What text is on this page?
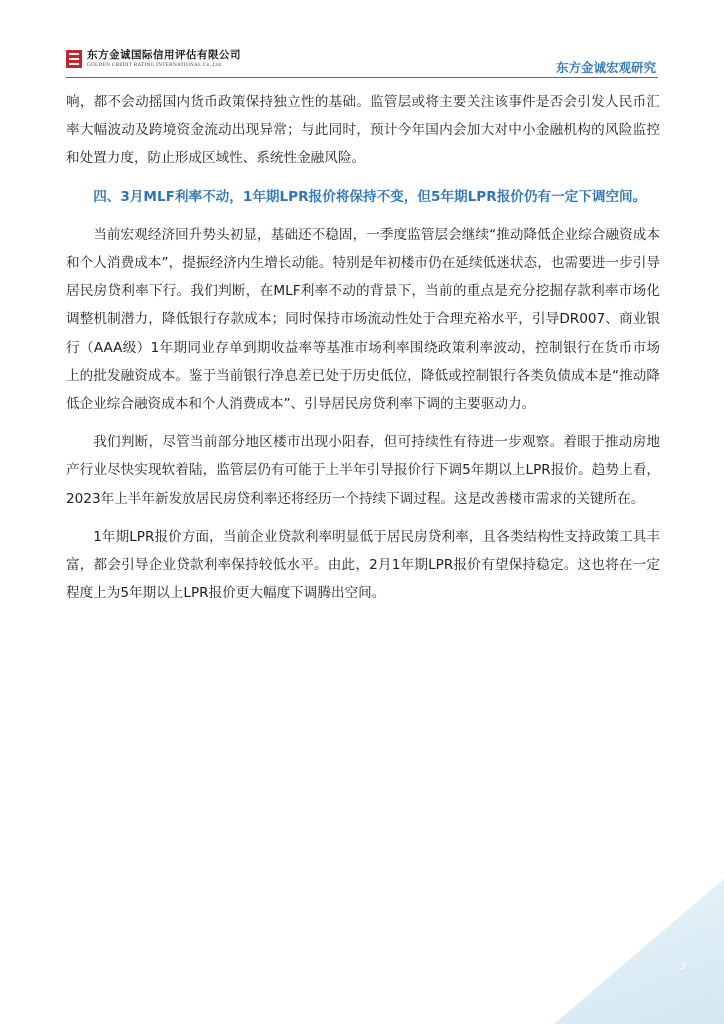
东方金诚国际信用评估有限公司
GOLDEN CREDIT RATING INTERNATIONAL Co.,Ltd.	东方金诚宏观研究

响，都不会动摇国内货币政策保持独立性的基础。监管层或将主要关注该事件是否会引发人民币汇率大幅波动及跨境资金流动出现异常；与此同时，预计今年国内会加大对中小金融机构的风险监控和处置力度，防止形成区域性、系统性金融风险。

四、3月MLF利率不动，1年期LPR报价将保持不变，但5年期LPR报价仍有一定下调空间。

当前宏观经济回升势头初显，基础还不稳固，一季度监管层会继续“推动降低企业综合融资成本和个人消费成本”，提振经济内生增长动能。特别是年初楼市仍在延续低迷状态，也需要进一步引导居民房贷利率下行。我们判断，在MLF利率不动的背景下，当前的重点是充分挖掘存款利率市场化调整机制潜力，降低银行存款成本；同时保持市场流动性处于合理充裕水平，引导DR007、商业银行（AAA级）1年期同业存单到期收益率等基准市场利率围绕政策利率波动，控制银行在货币市场上的批发融资成本。鉴于当前银行净息差已处于历史低位，降低或控制银行各类负债成本是“推动降低企业综合融资成本和个人消费成本”、引导居民房贷利率下调的主要驱动力。

我们判断，尽管当前部分地区楼市出现小阳春，但可持续性有待进一步观察。着眼于推动房地产行业尽快实现软着陆，监管层仍有可能于上半年引导报价行下调5年期以上LPR报价。趋势上看，2023年上半年新发放居民房贷利率还将经历一个持续下调过程。这是改善楼市需求的关键所在。

1年期LPR报价方面，当前企业贷款利率明显低于居民房贷利率，且各类结构性支持政策工具丰富，都会引导企业贷款利率保持较低水平。由此，2月1年期LPR报价有望保持稳定。这也将在一定程度上为5年期以上LPR报价更大幅度下调腾出空间。

3
